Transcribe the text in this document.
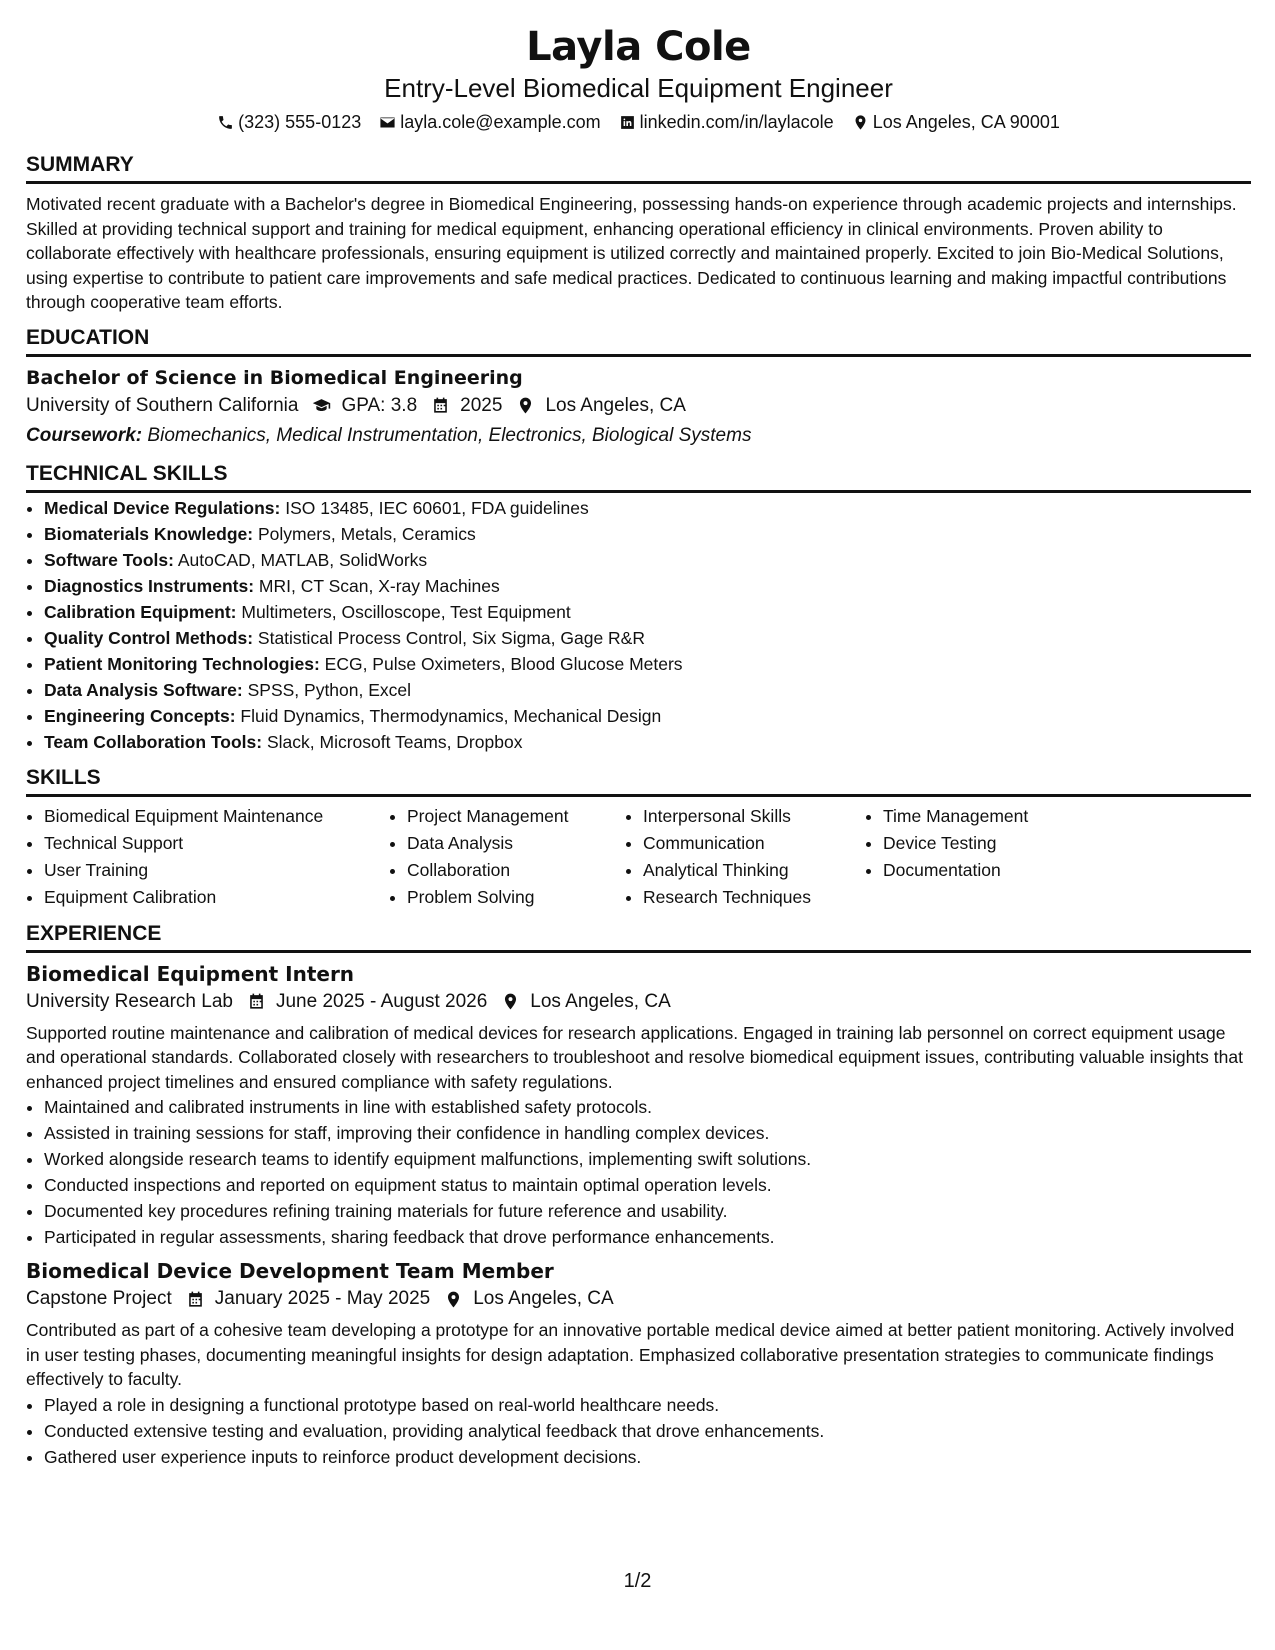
Layla Cole
Entry-Level Biomedical Equipment Engineer
(323) 555-0123 layla.cole@example.com linkedin.com/in/laylacole Los Angeles, CA 90001
SUMMARY

Motivated recent graduate with a Bachelor's degree in Biomedical Engineering, possessing hands-on experience through academic projects and internships. Skilled at providing technical support and training for medical equipment, enhancing operational efficiency in clinical environments. Proven ability to collaborate effectively with healthcare professionals, ensuring equipment is utilized correctly and maintained properly. Excited to join Bio-Medical Solutions, using expertise to contribute to patient care improvements and safe medical practices. Dedicated to continuous learning and making impactful contributions through cooperative team efforts.

EDUCATION
Bachelor of Science in Biomedical Engineering
University of Southern California GPA: 3.8 2025 Los Angeles, CA
Coursework: Biomechanics, Medical Instrumentation, Electronics, Biological Systems
TECHNICAL SKILLS
• Medical Device Regulations: ISO 13485, IEC 60601, FDA guidelines
• Biomaterials Knowledge: Polymers, Metals, Ceramics
• Software Tools: AutoCAD, MATLAB, SolidWorks
• Diagnostics Instruments: MRI, CT Scan, X-ray Machines
• Calibration Equipment: Multimeters, Oscilloscope, Test Equipment
• Quality Control Methods: Statistical Process Control, Six Sigma, Gage R&R
• Patient Monitoring Technologies: ECG, Pulse Oximeters, Blood Glucose Meters
• Data Analysis Software: SPSS, Python, Excel
• Engineering Concepts: Fluid Dynamics, Thermodynamics, Mechanical Design
• Team Collaboration Tools: Slack, Microsoft Teams, Dropbox
SKILLS
• Biomedical Equipment Maintenance
• Technical Support
• User Training
• Equipment Calibration
• Project Management
• Data Analysis
• Collaboration
• Problem Solving
• Interpersonal Skills
• Communication
• Analytical Thinking
• Research Techniques
• Time Management
• Device Testing
• Documentation
EXPERIENCE
Biomedical Equipment Intern
University Research Lab June 2025 - August 2026 Los Angeles, CA

Supported routine maintenance and calibration of medical devices for research applications. Engaged in training lab personnel on correct equipment usage and operational standards. Collaborated closely with researchers to troubleshoot and resolve biomedical equipment issues, contributing valuable insights that enhanced project timelines and ensured compliance with safety regulations.

• Maintained and calibrated instruments in line with established safety protocols.
• Assisted in training sessions for staff, improving their confidence in handling complex devices.
• Worked alongside research teams to identify equipment malfunctions, implementing swift solutions.
• Conducted inspections and reported on equipment status to maintain optimal operation levels.
• Documented key procedures refining training materials for future reference and usability.
• Participated in regular assessments, sharing feedback that drove performance enhancements.
Biomedical Device Development Team Member
Capstone Project January 2025 - May 2025 Los Angeles, CA

Contributed as part of a cohesive team developing a prototype for an innovative portable medical device aimed at better patient monitoring. Actively involved in user testing phases, documenting meaningful insights for design adaptation. Emphasized collaborative presentation strategies to communicate findings effectively to faculty.

• Played a role in designing a functional prototype based on real-world healthcare needs.
• Conducted extensive testing and evaluation, providing analytical feedback that drove enhancements.
• Gathered user experience inputs to reinforce product development decisions.
1/2
